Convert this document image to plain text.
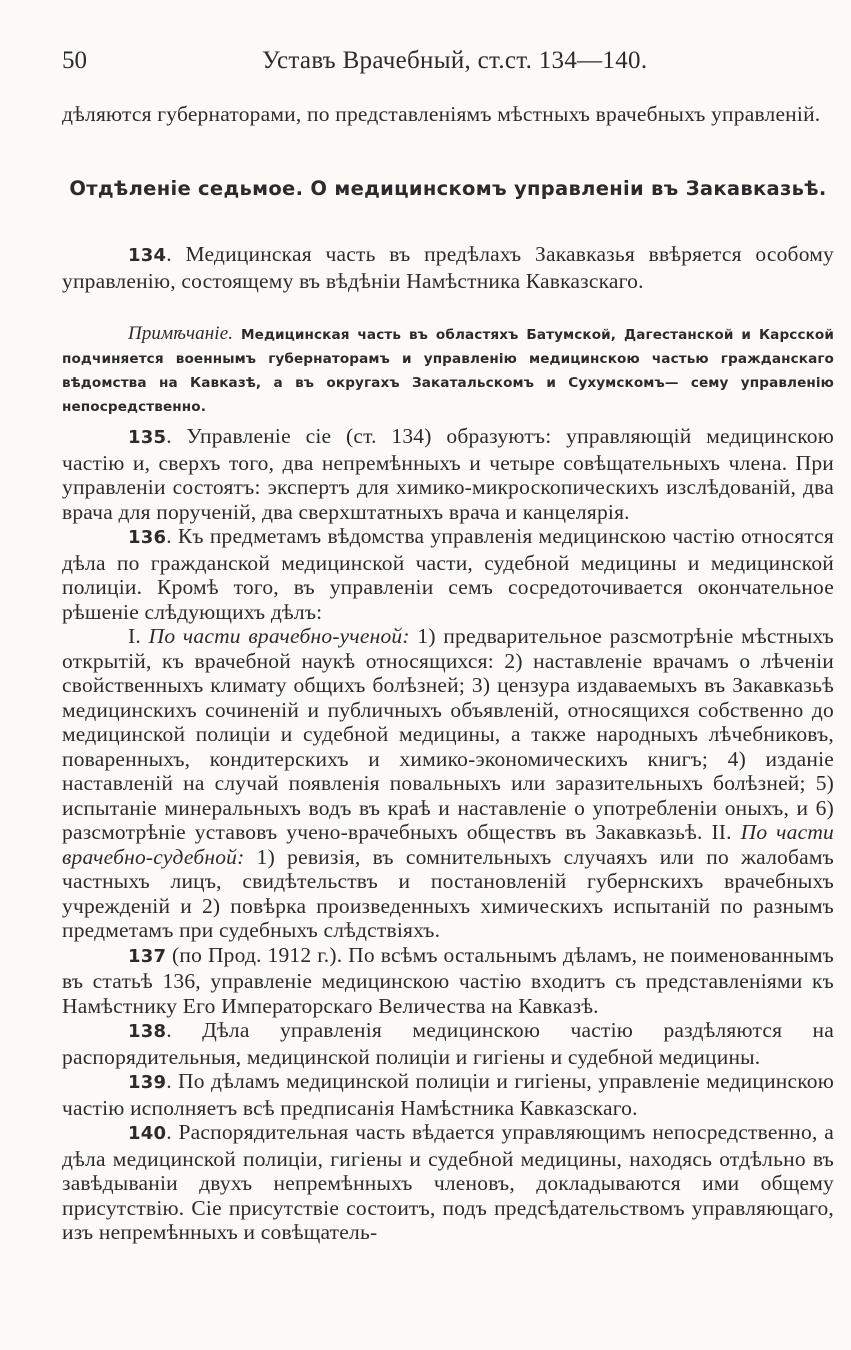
50	Уставъ Врачебный, ст.ст. 134—140.
дѣляются губернаторами, по представленіямъ мѣстныхъ врачебныхъ управленій.
Отдѣленіе седьмое. О медицинскомъ управленіи въ Закавказьѣ.

134. Медицинская часть въ предѣлахъ Закавказья ввѣряется особому управленію, состоящему въ вѣдѣніи Намѣстника Кавказскаго.

Примѣчаніе. Медицинская часть въ областяхъ Батумской, Дагестанской и Карсской подчиняется военнымъ губернаторамъ и управленію медицинскою частью гражданскаго вѣдомства на Кавказѣ, а въ округахъ Закатальскомъ и Сухумскомъ— сему управленію непосредственно.

135. Управленіе сіе (ст. 134) образуютъ: управляющій медицинскою частію и, сверхъ того, два непремѣнныхъ и четыре совѣщательныхъ члена. При управленіи состоятъ: экспертъ для химико-микроскопическихъ изслѣдованій, два врача для порученій, два сверхштатныхъ врача и канцелярія.

136. Къ предметамъ вѣдомства управленія медицинскою частію относятся дѣла по гражданской медицинской части, судебной медицины и медицинской полиціи. Кромѣ того, въ управленіи семъ сосредоточивается окончательное рѣшеніе слѣдующихъ дѣлъ:

I. По части врачебно-ученой: 1) предварительное разсмотрѣніе мѣстныхъ открытій, къ врачебной наукѣ относящихся: 2) наставленіе врачамъ о лѣченіи свойственныхъ климату общихъ болѣзней; 3) цензура издаваемыхъ въ Закавказьѣ медицинскихъ сочиненій и публичныхъ объявленій, относящихся собственно до медицинской полиціи и судебной медицины, а также народныхъ лѣчебниковъ, поваренныхъ, кондитерскихъ и химико-экономическихъ книгъ; 4) изданіе наставленій на случай появленія повальныхъ или заразительныхъ болѣзней; 5) испытаніе минеральныхъ водъ въ краѣ и наставленіе о употребленіи оныхъ, и 6) разсмотрѣніе уставовъ учено-врачебныхъ обществъ въ Закавказьѣ. II. По части врачебно-судебной: 1) ревизія, въ сомнительныхъ случаяхъ или по жалобамъ частныхъ лицъ, свидѣтельствъ и постановленій губернскихъ врачебныхъ учрежденій и 2) повѣрка произведенныхъ химическихъ испытаній по разнымъ предметамъ при судебныхъ слѣдствіяхъ.

137 (по Прод. 1912 г.). По всѣмъ остальнымъ дѣламъ, не поименованнымъ въ статьѣ 136, управленіе медицинскою частію входитъ съ представленіями къ Намѣстнику Его Императорскаго Величества на Кавказѣ.

138. Дѣла управленія медицинскою частію раздѣляются на распорядительныя, медицинской полиціи и гигіены и судебной медицины.

139. По дѣламъ медицинской полиціи и гигіены, управленіе медицинскою частію исполняетъ всѣ предписанія Намѣстника Кавказскаго.

140. Распорядительная часть вѣдается управляющимъ непосредственно, а дѣла медицинской полиціи, гигіены и судебной медицины, находясь отдѣльно въ завѣдываніи двухъ непремѣнныхъ членовъ, докладываются ими общему присутствію. Сіе присутствіе состоитъ, подъ предсѣдательствомъ управляющаго, изъ непремѣнныхъ и совѣщатель-
